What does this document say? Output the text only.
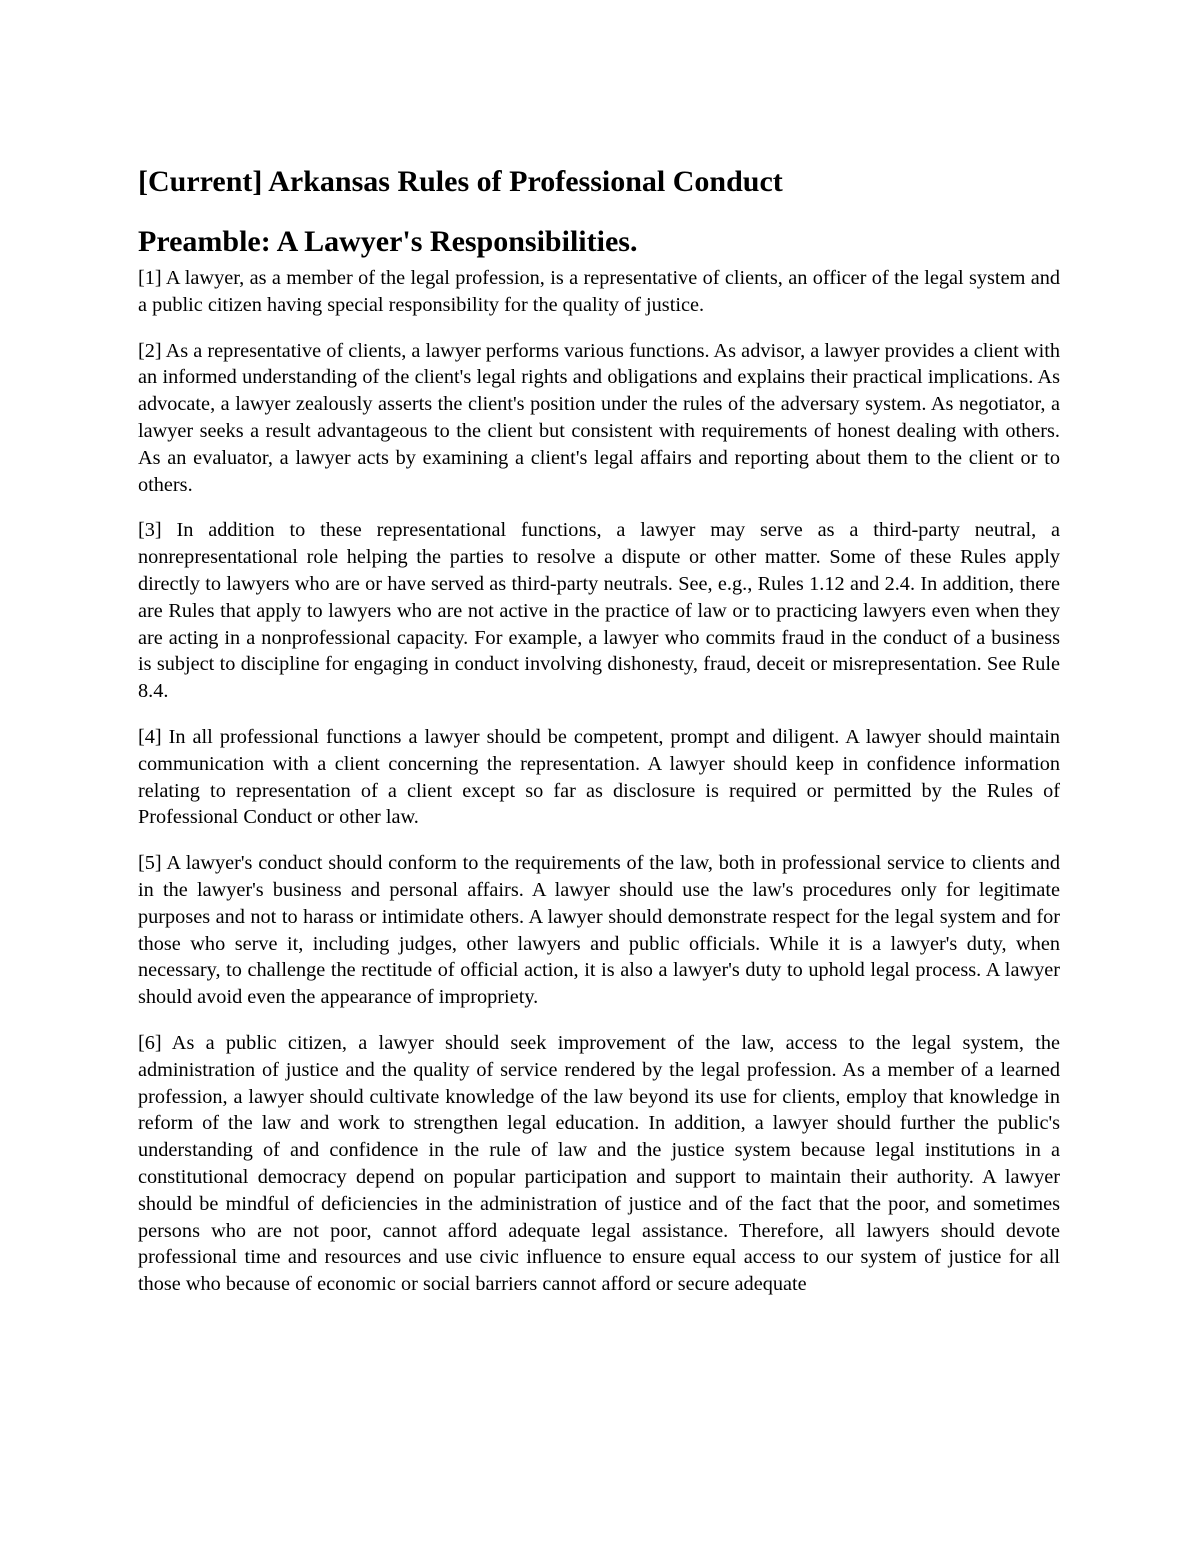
[Current] Arkansas Rules of Professional Conduct
Preamble: A Lawyer's Responsibilities.

[1] A lawyer, as a member of the legal profession, is a representative of clients, an officer of the legal system and a public citizen having special responsibility for the quality of justice.

[2] As a representative of clients, a lawyer performs various functions. As advisor, a lawyer provides a client with an informed understanding of the client's legal rights and obligations and explains their practical implications. As advocate, a lawyer zealously asserts the client's position under the rules of the adversary system. As negotiator, a lawyer seeks a result advantageous to the client but consistent with requirements of honest dealing with others. As an evaluator, a lawyer acts by examining a client's legal affairs and reporting about them to the client or to others.

[3] In addition to these representational functions, a lawyer may serve as a third-party neutral, a nonrepresentational role helping the parties to resolve a dispute or other matter. Some of these Rules apply directly to lawyers who are or have served as third-party neutrals. See, e.g., Rules 1.12 and 2.4. In addition, there are Rules that apply to lawyers who are not active in the practice of law or to practicing lawyers even when they are acting in a nonprofessional capacity. For example, a lawyer who commits fraud in the conduct of a business is subject to discipline for engaging in conduct involving dishonesty, fraud, deceit or misrepresentation. See Rule 8.4.

[4] In all professional functions a lawyer should be competent, prompt and diligent. A lawyer should maintain communication with a client concerning the representation. A lawyer should keep in confidence information relating to representation of a client except so far as disclosure is required or permitted by the Rules of Professional Conduct or other law.

[5] A lawyer's conduct should conform to the requirements of the law, both in professional service to clients and in the lawyer's business and personal affairs. A lawyer should use the law's procedures only for legitimate purposes and not to harass or intimidate others. A lawyer should demonstrate respect for the legal system and for those who serve it, including judges, other lawyers and public officials. While it is a lawyer's duty, when necessary, to challenge the rectitude of official action, it is also a lawyer's duty to uphold legal process. A lawyer should avoid even the appearance of impropriety.

[6] As a public citizen, a lawyer should seek improvement of the law, access to the legal system, the administration of justice and the quality of service rendered by the legal profession. As a member of a learned profession, a lawyer should cultivate knowledge of the law beyond its use for clients, employ that knowledge in reform of the law and work to strengthen legal education. In addition, a lawyer should further the public's understanding of and confidence in the rule of law and the justice system because legal institutions in a constitutional democracy depend on popular participation and support to maintain their authority. A lawyer should be mindful of deficiencies in the administration of justice and of the fact that the poor, and sometimes persons who are not poor, cannot afford adequate legal assistance. Therefore, all lawyers should devote professional time and resources and use civic influence to ensure equal access to our system of justice for all those who because of economic or social barriers cannot afford or secure adequate
